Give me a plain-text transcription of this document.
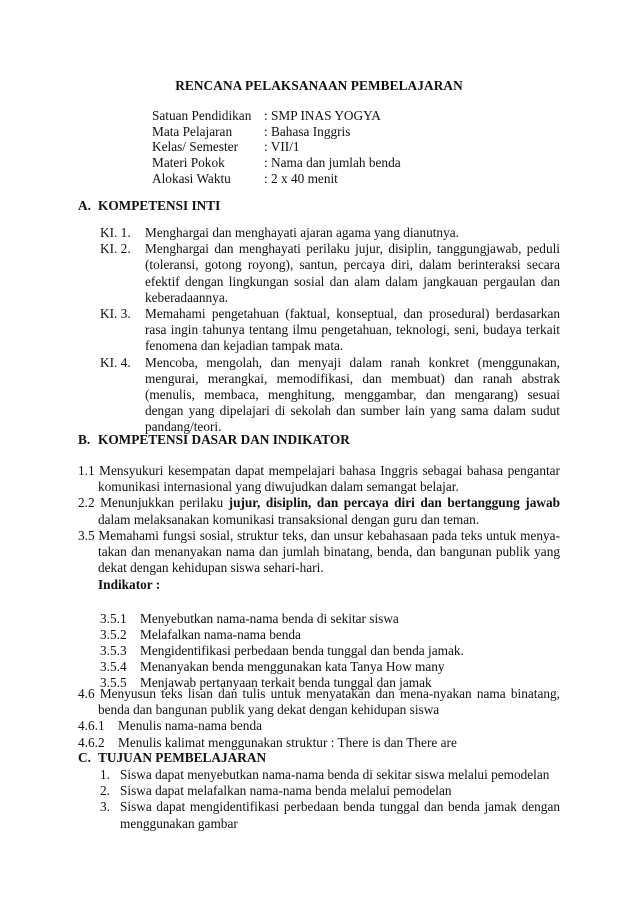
RENCANA PELAKSANAAN PEMBELAJARAN
Satuan Pendidikan : SMP INAS YOGYA
Mata Pelajaran	: Bahasa Inggris
Kelas/ Semester	: VII/1
Materi Pokok	: Nama dan jumlah benda
Alokasi Waktu	: 2 x 40 menit
A. KOMPETENSI INTI
KI. 1.	Menghargai dan menghayati ajaran agama yang dianutnya.
KI. 2.	Menghargai dan menghayati perilaku jujur, disiplin, tanggungjawab, peduli (toleransi, gotong royong), santun, percaya diri, dalam berinteraksi secara efektif dengan lingkungan sosial dan alam dalam jangkauan pergaulan dan keberadaannya.
KI. 3.	Memahami pengetahuan (faktual, konseptual, dan prosedural) berdasarkan rasa ingin tahunya tentang ilmu pengetahuan, teknologi, seni, budaya terkait fenomena dan kejadian tampak mata.
KI. 4.	Mencoba, mengolah, dan menyaji dalam ranah konkret (menggunakan, mengurai, merangkai, memodifikasi, dan membuat) dan ranah abstrak (menulis, membaca, menghitung, menggambar, dan mengarang) sesuai dengan yang dipelajari di sekolah dan sumber lain yang sama dalam sudut pandang/teori.
B. KOMPETENSI DASAR DAN INDIKATOR
1.1 Mensyukuri kesempatan dapat mempelajari bahasa Inggris sebagai bahasa pengantar komunikasi internasional yang diwujudkan dalam semangat belajar.
2.2 Menunjukkan perilaku jujur, disiplin, dan percaya diri dan bertanggung jawab dalam melaksanakan komunikasi transaksional dengan guru dan teman.
3.5 Memahami fungsi sosial, struktur teks, dan unsur kebahasaan pada teks untuk menya-takan dan menanyakan nama dan jumlah binatang, benda, dan bangunan publik yang dekat dengan kehidupan siswa sehari-hari.
Indikator :
3.5.1	Menyebutkan nama-nama benda di sekitar siswa
3.5.2	Melafalkan nama-nama benda
3.5.3	Mengidentifikasi perbedaan benda tunggal dan benda jamak.
3.5.4	Menanyakan benda menggunakan kata Tanya How many
3.5.5	Menjawab pertanyaan terkait benda tunggal dan jamak
4.6 Menyusun teks lisan dan tulis untuk menyatakan dan mena-nyakan nama binatang, benda dan bangunan publik yang dekat dengan kehidupan siswa
4.6.1	Menulis nama-nama benda
4.6.2	Menulis kalimat menggunakan struktur : There is dan There are
C. TUJUAN PEMBELAJARAN
1. Siswa dapat menyebutkan nama-nama benda di sekitar siswa melalui pemodelan
2. Siswa dapat melafalkan nama-nama benda melalui pemodelan
3. Siswa dapat mengidentifikasi perbedaan benda tunggal dan benda jamak dengan menggunakan gambar
